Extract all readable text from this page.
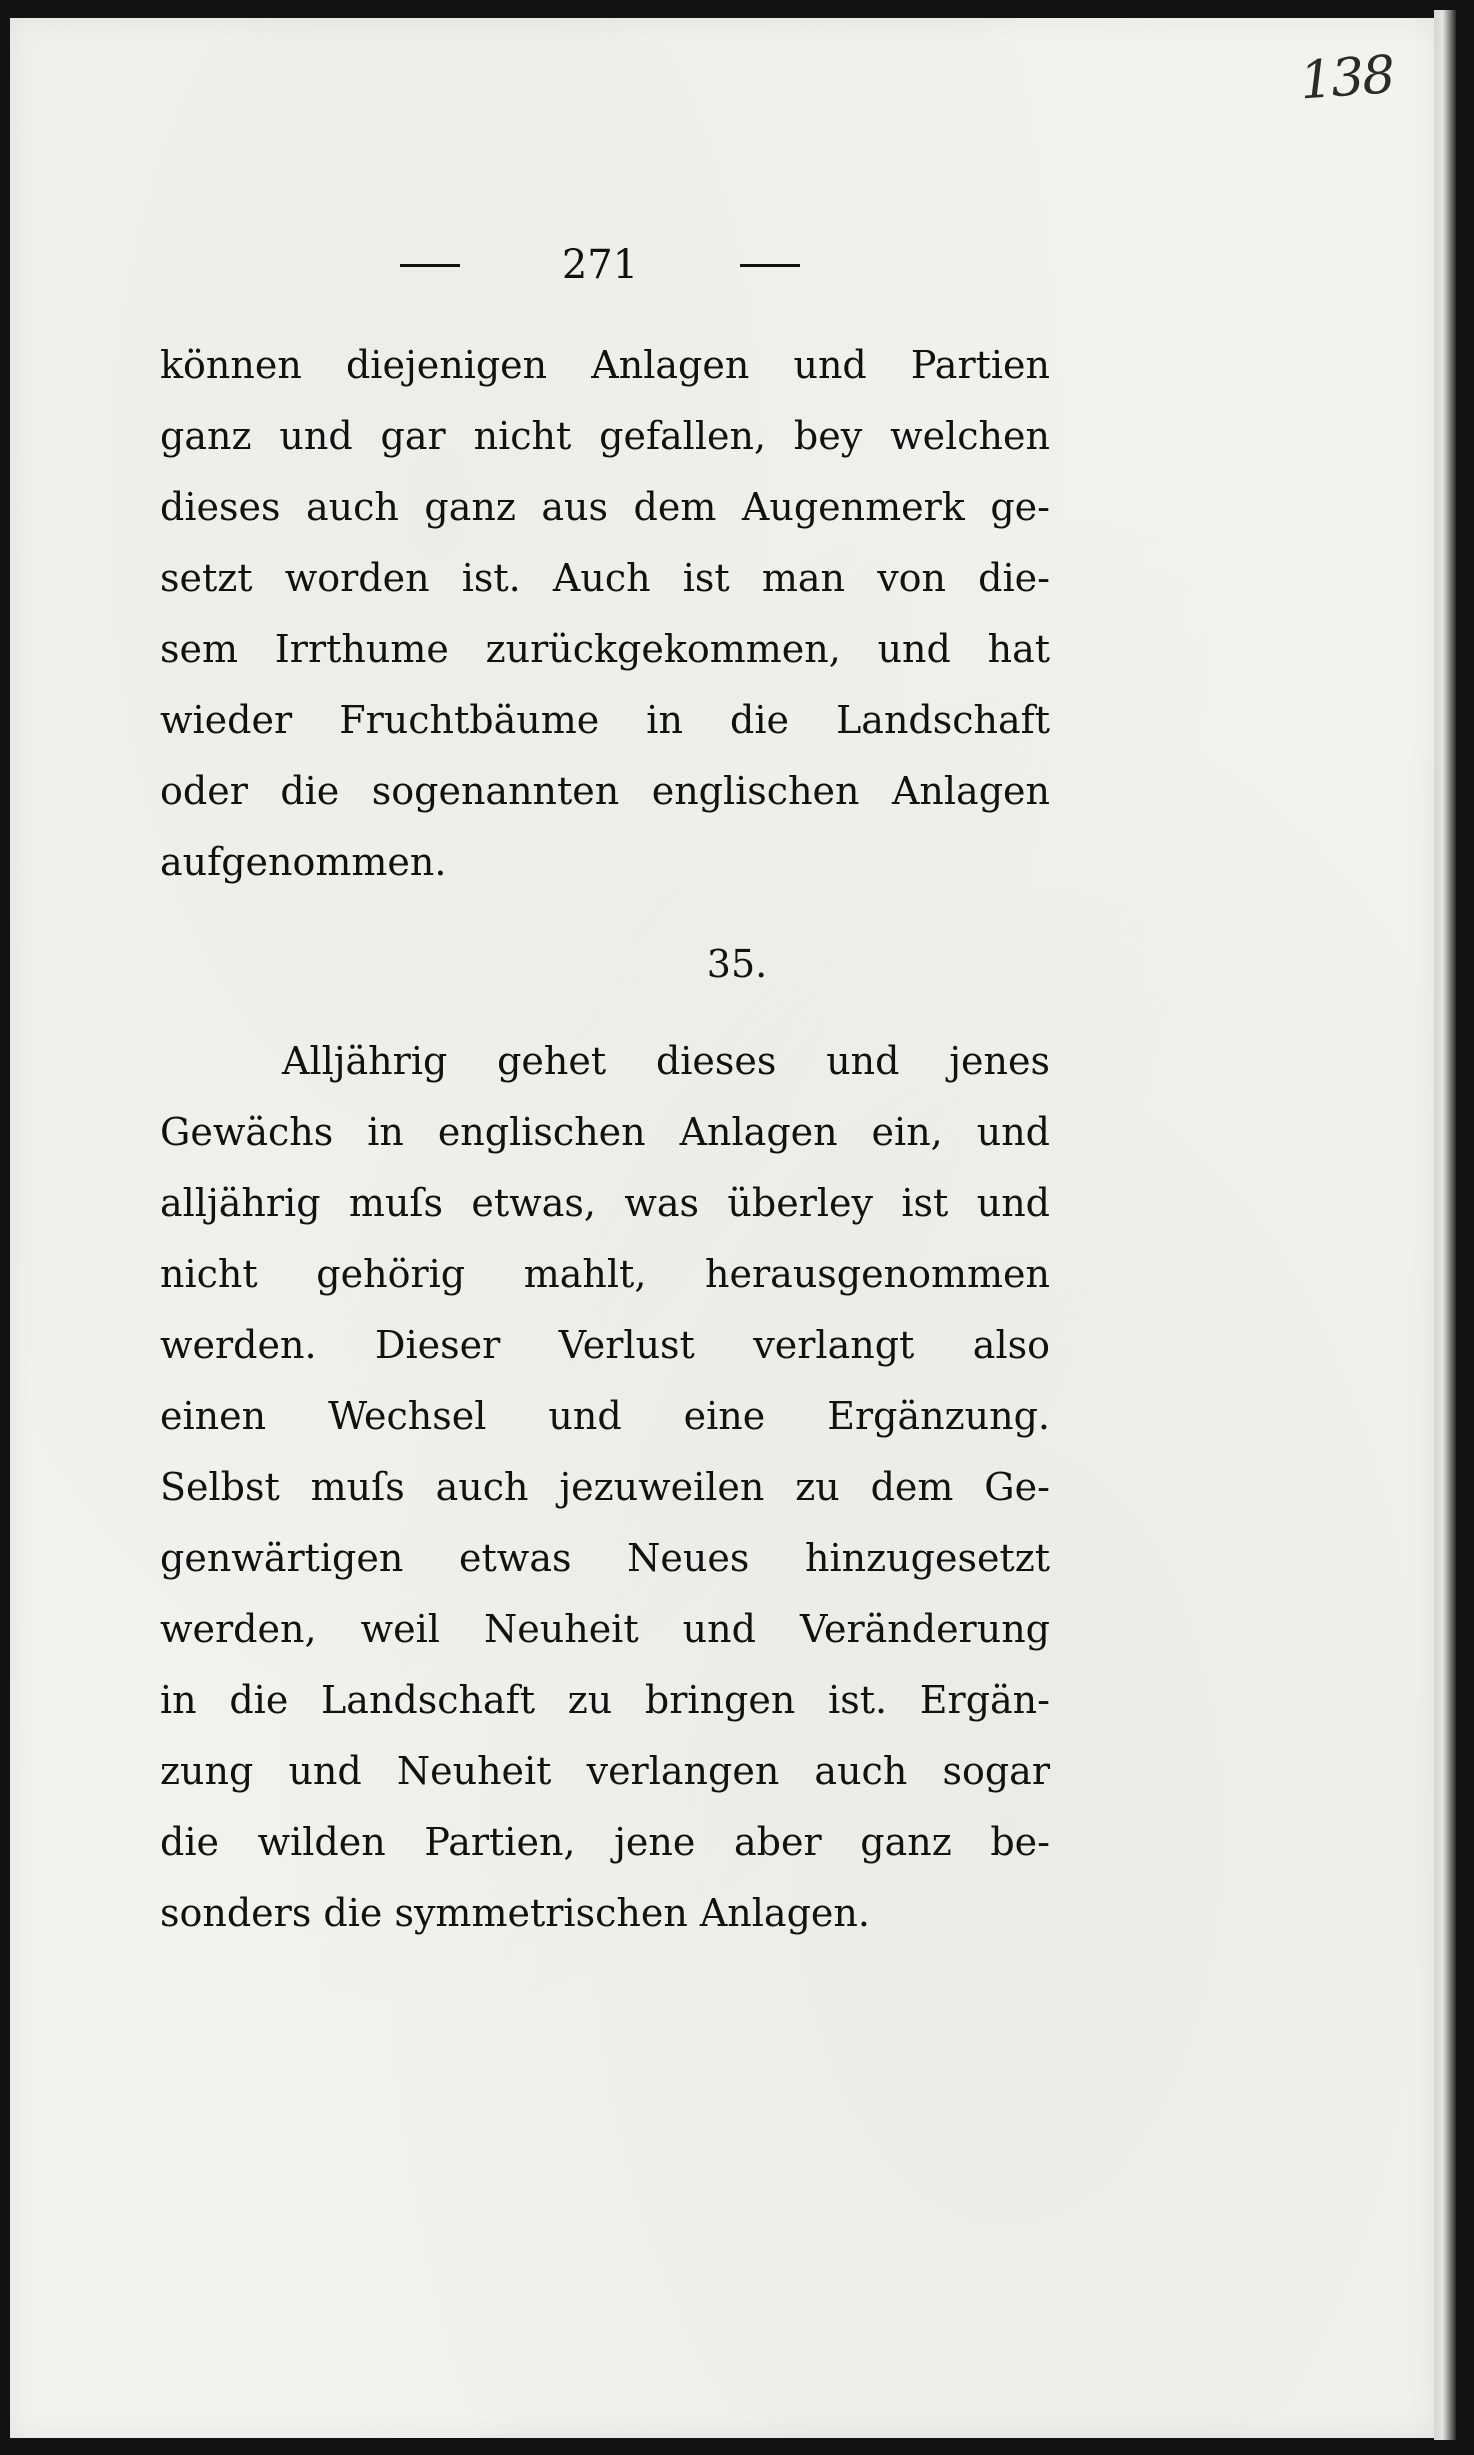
138
271
können diejenigen Anlagen und Partien
ganz und gar nicht gefallen, bey welchen
dieses auch ganz aus dem Augenmerk ge-
setzt worden ist. Auch ist man von die-
sem Irrthume zurückgekommen, und hat
wieder Fruchtbäume in die Landschaft
oder die sogenannten englischen Anlagen
aufgenommen.
35.
Alljährig gehet dieses und jenes
Gewächs in englischen Anlagen ein, und
alljährig muſs etwas, was überley ist und
nicht gehörig mahlt, herausgenommen
werden. Dieser Verlust verlangt also
einen Wechsel und eine Ergänzung.
Selbst muſs auch jezuweilen zu dem Ge-
genwärtigen etwas Neues hinzugesetzt
werden, weil Neuheit und Veränderung
in die Landschaft zu bringen ist. Ergän-
zung und Neuheit verlangen auch sogar
die wilden Partien, jene aber ganz be-
sonders die symmetrischen Anlagen.
